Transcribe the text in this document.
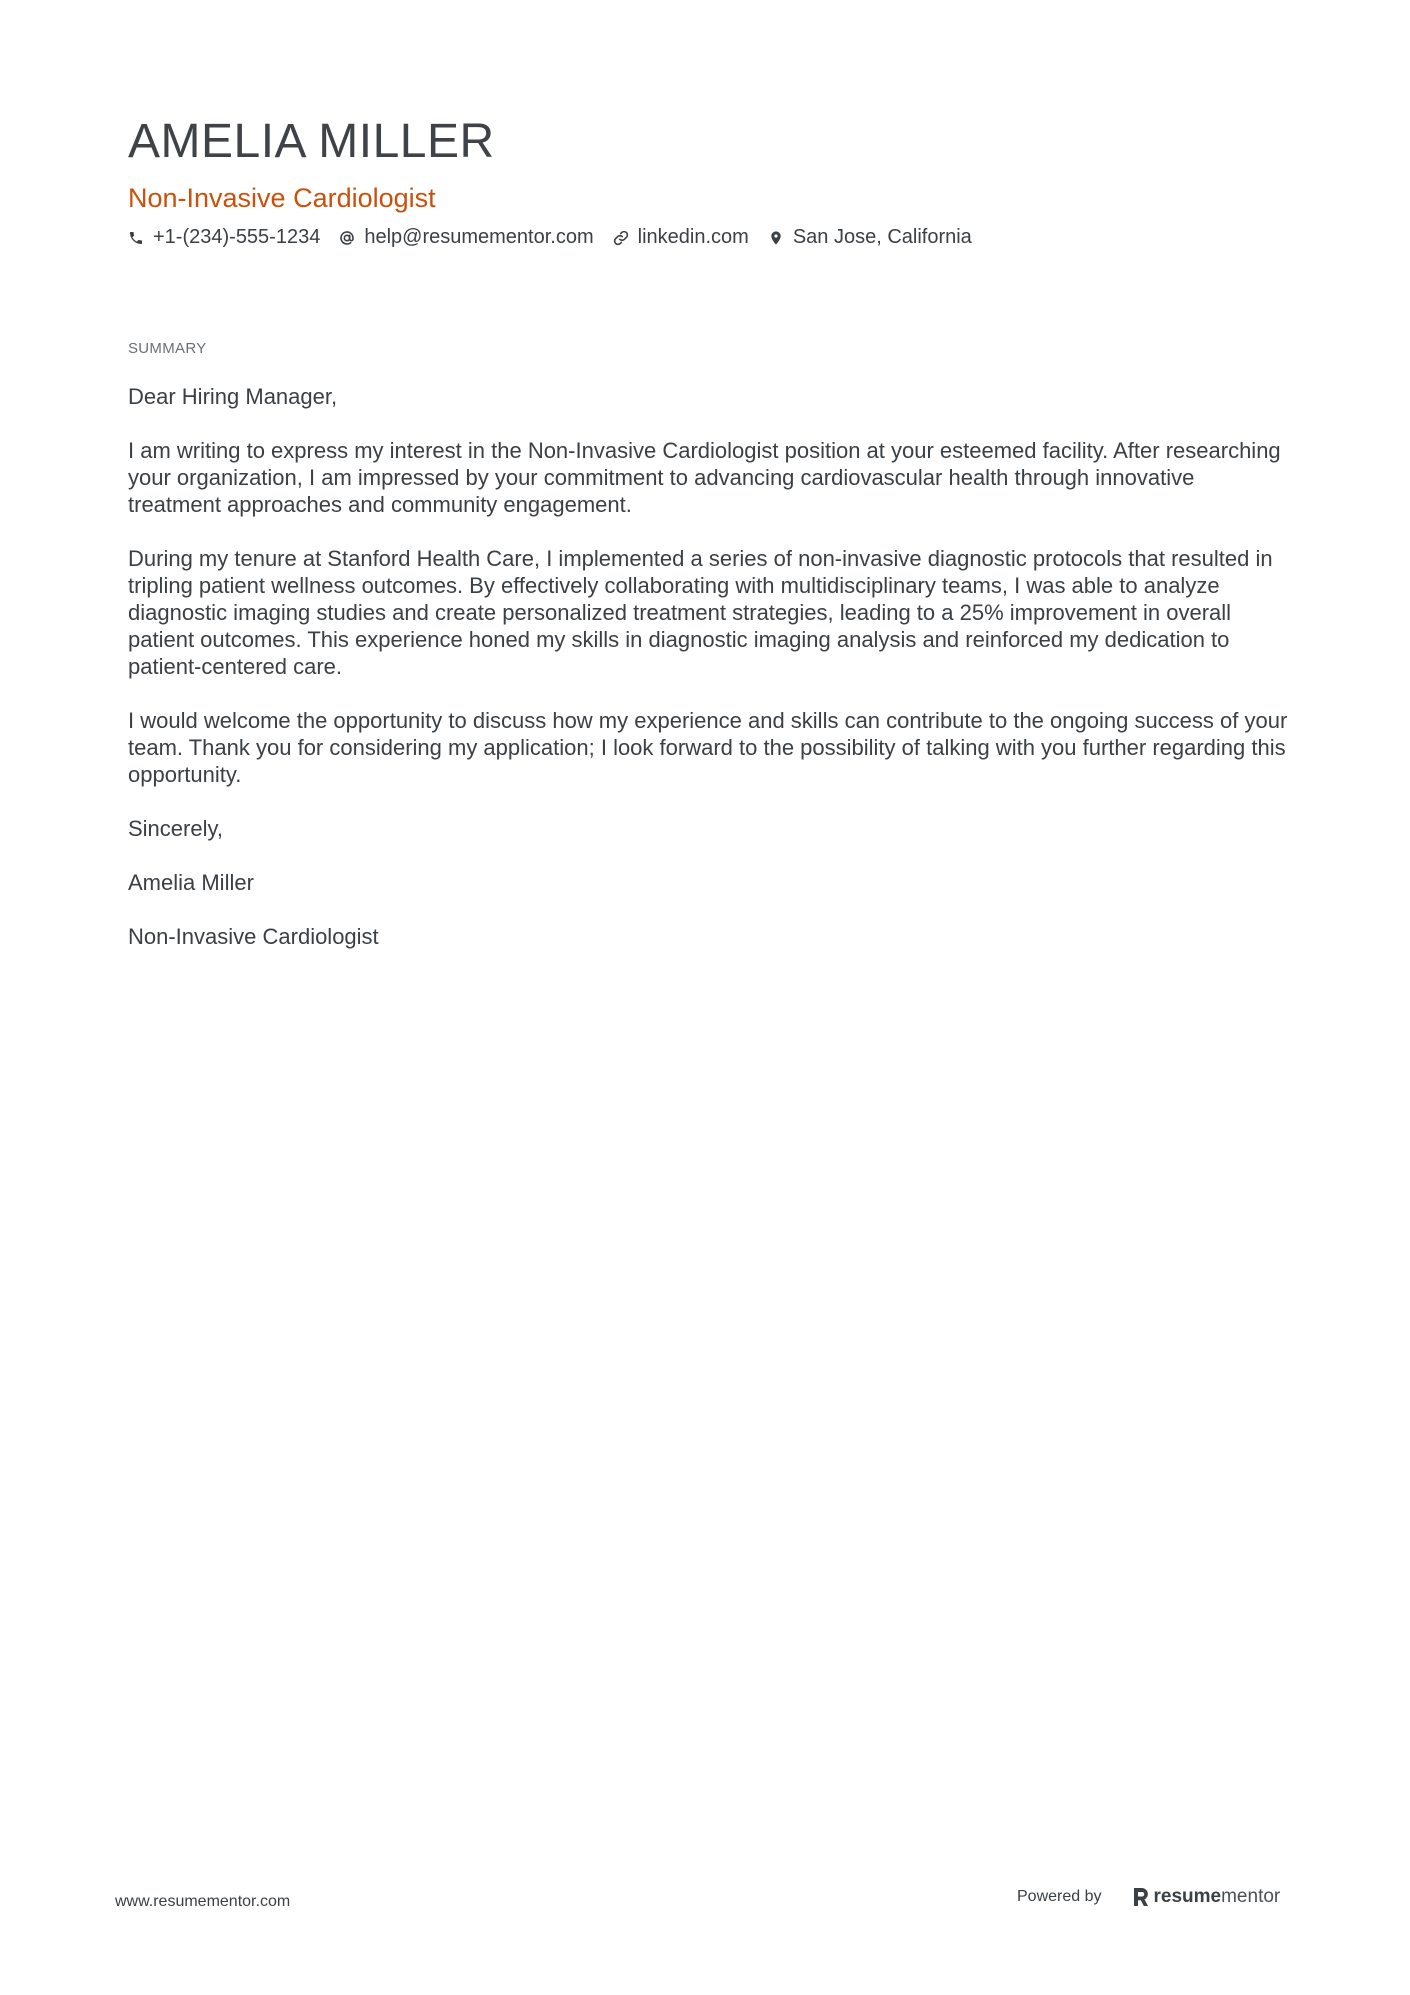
AMELIA MILLER
Non-Invasive Cardiologist
+1-(234)-555-1234 help@resumementor.com linkedin.com San Jose, California
SUMMARY

Dear Hiring Manager,

I am writing to express my interest in the Non-Invasive Cardiologist position at your esteemed facility. After researching your organization, I am impressed by your commitment to advancing cardiovascular health through innovative treatment approaches and community engagement.

During my tenure at Stanford Health Care, I implemented a series of non-invasive diagnostic protocols that resulted in tripling patient wellness outcomes. By effectively collaborating with multidisciplinary teams, I was able to analyze diagnostic imaging studies and create personalized treatment strategies, leading to a 25% improvement in overall patient outcomes. This experience honed my skills in diagnostic imaging analysis and reinforced my dedication to patient-centered care.

I would welcome the opportunity to discuss how my experience and skills can contribute to the ongoing success of your team. Thank you for considering my application; I look forward to the possibility of talking with you further regarding this opportunity.

Sincerely,

Amelia Miller

Non-Invasive Cardiologist

www.resumementor.com	Powered by	resume mentor
